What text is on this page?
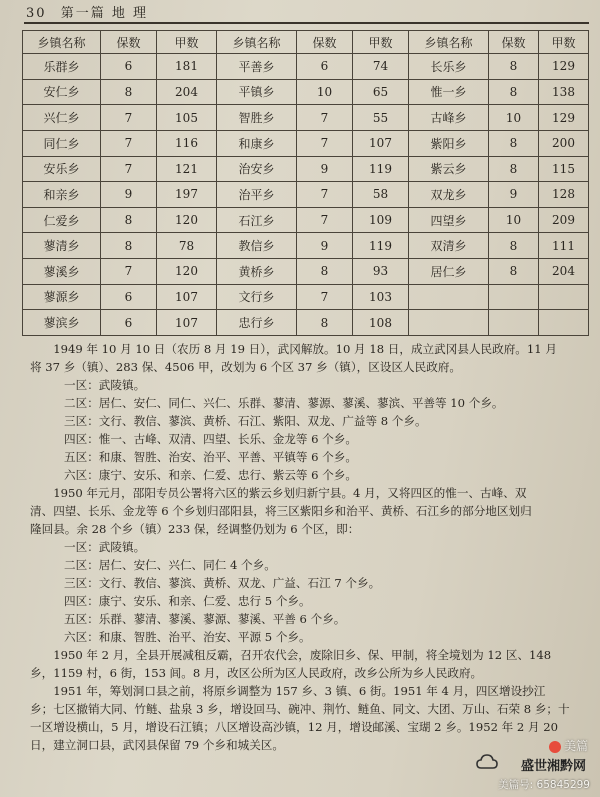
30 第一篇 地 理
乡镇名称	保数	甲数	乡镇名称	保数	甲数	乡镇名称	保数	甲数
乐群乡	6	181	平善乡	6	74	长乐乡	8	129
安仁乡	8	204	平镇乡	10	65	惟一乡	8	138
兴仁乡	7	105	智胜乡	7	55	古峰乡	10	129
同仁乡	7	116	和康乡	7	107	紫阳乡	8	200
安乐乡	7	121	治安乡	9	119	紫云乡	8	115
和亲乡	9	197	治平乡	7	58	双龙乡	9	128
仁爱乡	8	120	石江乡	7	109	四望乡	10	209
蓼清乡	8	78	教信乡	9	119	双清乡	8	111
蓼溪乡	7	120	黄桥乡	8	93	居仁乡	8	204
蓼源乡	6	107	文行乡	7	103			
蓼滨乡	6	107	忠行乡	8	108			

1949 年 10 月 10 日（农历 8 月 19 日），武冈解放。10 月 18 日，成立武冈县人民政府。11 月

将 37 乡（镇）、283 保、4506 甲，改划为 6 个区 37 乡（镇），区设区人民政府。

一区：武陵镇。

二区：居仁、安仁、同仁、兴仁、乐群、蓼清、蓼源、蓼溪、蓼滨、平善等 10 个乡。

三区：文行、教信、蓼滨、黄桥、石江、紫阳、双龙、广益等 8 个乡。

四区：惟一、古峰、双清、四望、长乐、金龙等 6 个乡。

五区：和康、智胜、治安、治平、平善、平镇等 6 个乡。

六区：康宁、安乐、和亲、仁爱、忠行、紫云等 6 个乡。

1950 年元月，邵阳专员公署将六区的紫云乡划归新宁县。4 月，又将四区的惟一、古峰、双

清、四望、长乐、金龙等 6 个乡划归邵阳县，将三区紫阳乡和治平、黄桥、石江乡的部分地区划归

隆回县。余 28 个乡（镇）233 保，经调整仍划为 6 个区，即：

一区：武陵镇。

二区：居仁、安仁、兴仁、同仁 4 个乡。

三区：文行、教信、蓼滨、黄桥、双龙、广益、石江 7 个乡。

四区：康宁、安乐、和亲、仁爱、忠行 5 个乡。

五区：乐群、蓼清、蓼溪、蓼源、蓼溪、平善 6 个乡。

六区：和康、智胜、治平、治安、平源 5 个乡。

1950 年 2 月，全县开展减租反霸，召开农代会，废除旧乡、保、甲制，将全境划为 12 区、148

乡，1159 村，6 街，153 闾。8 月，改区公所为区人民政府，改乡公所为乡人民政府。

1951 年，筹划洞口县之前，将原乡调整为 157 乡、3 镇、6 街。1951 年 4 月，四区增设抄江

乡；七区撤销大同、竹鲢、盐泉 3 乡，增设回马、碗冲、荆竹、鲢鱼、同文、大团、万山、石荣 8 乡；十

一区增设横山，5 月，增设石江镇；八区增设高沙镇，12 月，增设邮溪、宝瑚 2 乡。1952 年 2 月 20

日，建立洞口县，武冈县保留 79 个乡和城关区。	美篇
盛世湘黔网
美篇号: 65845299
